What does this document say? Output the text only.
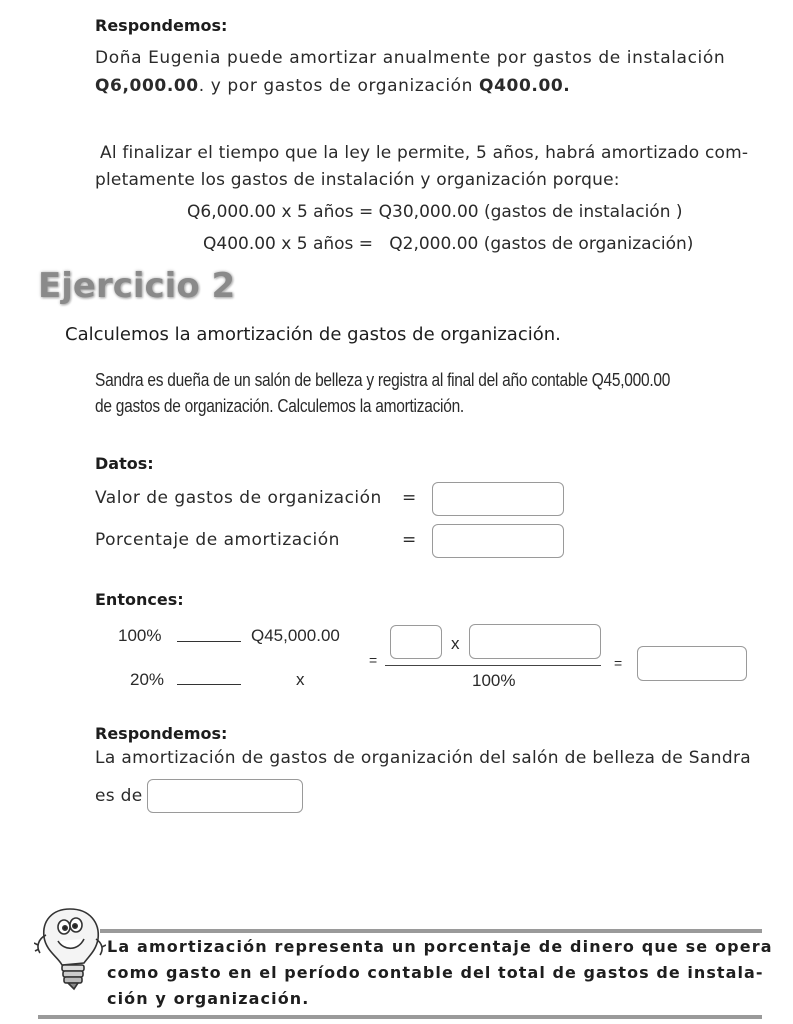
Respondemos:
Doña Eugenia puede amortizar anualmente por gastos de instalación
Q6,000.00. y por gastos de organización Q400.00.
Al finalizar el tiempo que la ley le permite, 5 años, habrá amortizado com-
pletamente los gastos de instalación y organización porque:
Q6,000.00 x 5 años = Q30,000.00 (gastos de instalación )
Q400.00 x 5 años =   Q2,000.00 (gastos de organización)
Ejercicio 2
Calculemos la amortización de gastos de organización.
Sandra es dueña de un salón de belleza y registra al final del año contable Q45,000.00
de gastos de organización. Calculemos la amortización.
Datos:
Valor de gastos de organización =
Porcentaje de amortización	=
Entonces:
100%	Q45,000.00
20%	x
=
x
100%
=
Respondemos:
La amortización de gastos de organización del salón de belleza de Sandra
es de
La amortización representa un porcentaje de dinero que se opera
como gasto en el período contable del total de gastos de instala-
ción y organización.
